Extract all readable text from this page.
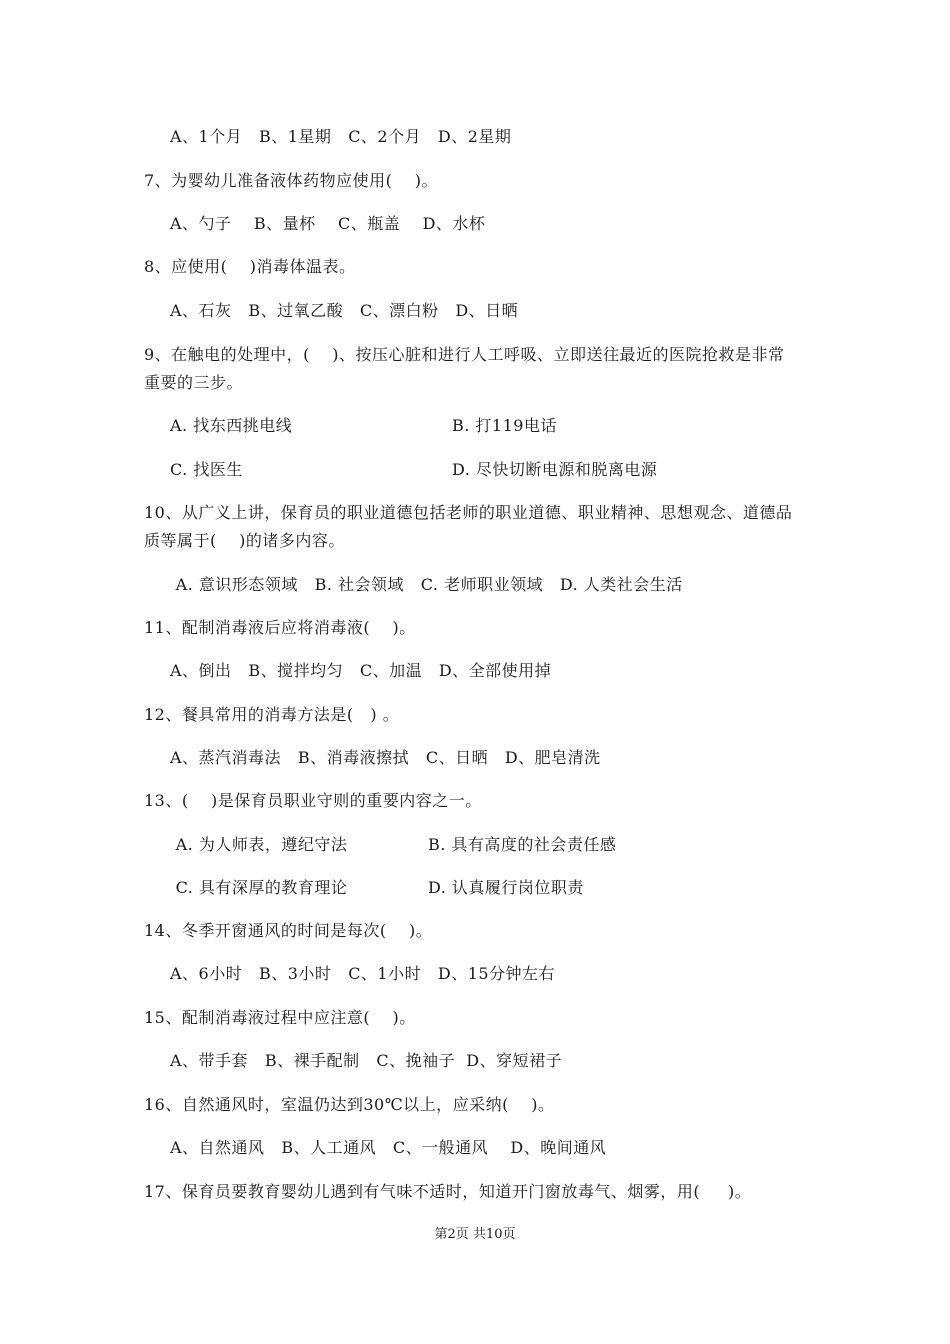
A、1个月   B、1星期   C、2个月   D、2星期
7、为婴幼儿准备液体药物应使用(    )。
A、勺子    B、量杯    C、瓶盖    D、水杯
8、应使用(    )消毒体温表。
A、石灰   B、过氧乙酸   C、漂白粉   D、日晒
9、在触电的处理中，(    )、按压心脏和进行人工呼吸、立即送往最近的医院抢救是非常
重要的三步。
A. 找东西挑电线	B. 打119电话
C. 找医生	D. 尽快切断电源和脱离电源
10、从广义上讲，保育员的职业道德包括老师的职业道德、职业精神、思想观念、道德品
质等属于(    )的诸多内容。
A. 意识形态领域   B. 社会领域   C. 老师职业领域   D. 人类社会生活
11、配制消毒液后应将消毒液(    )。
A、倒出   B、搅拌均匀   C、加温   D、全部使用掉
12、餐具常用的消毒方法是(   ) 。
A、蒸汽消毒法   B、消毒液擦拭   C、日晒   D、肥皂清洗
13、(    )是保育员职业守则的重要内容之一。
A. 为人师表，遵纪守法	B. 具有高度的社会责任感
C. 具有深厚的教育理论	D. 认真履行岗位职责
14、冬季开窗通风的时间是每次(    )。
A、6小时   B、3小时   C、1小时   D、15分钟左右
15、配制消毒液过程中应注意(    )。
A、带手套   B、裸手配制   C、挽袖子  D、穿短裙子
16、自然通风时，室温仍达到30℃以上，应采纳(    )。
A、自然通风   B、人工通风   C、一般通风    D、晚间通风
17、保育员要教育婴幼儿遇到有气味不适时，知道开门窗放毒气、烟雾，用(     )。
第2页 共10页
